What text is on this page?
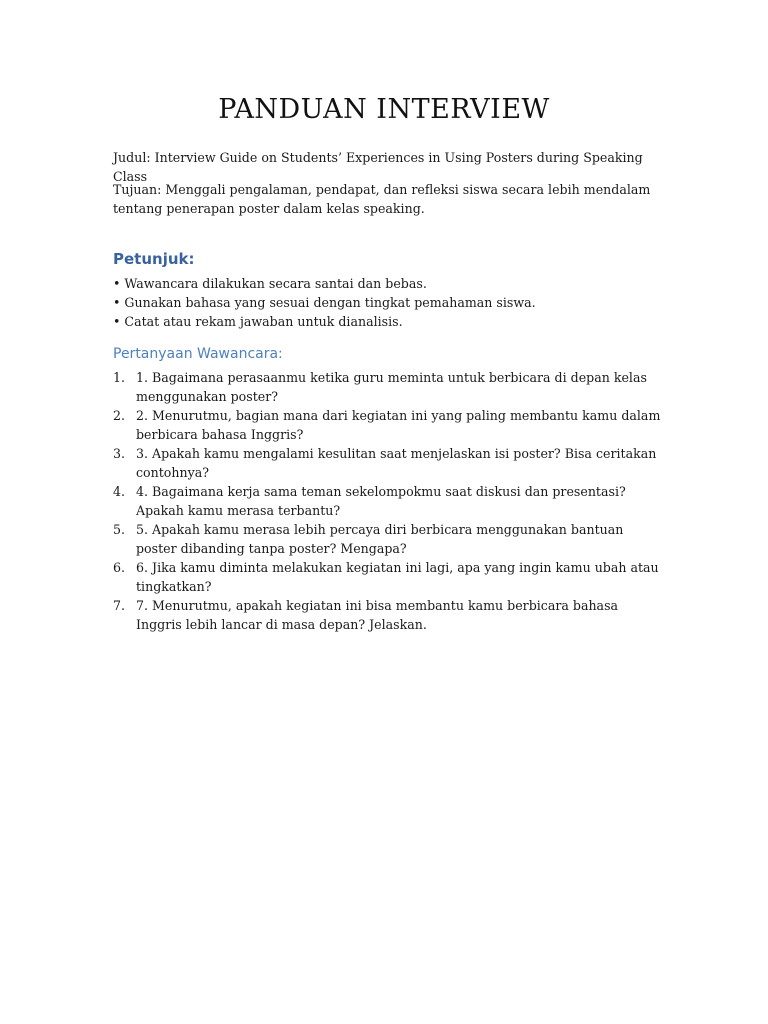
PANDUAN INTERVIEW

Judul: Interview Guide on Students’ Experiences in Using Posters during Speaking Class

Tujuan: Menggali pengalaman, pendapat, dan refleksi siswa secara lebih mendalam tentang penerapan poster dalam kelas speaking.

Petunjuk:
• Wawancara dilakukan secara santai dan bebas.
• Gunakan bahasa yang sesuai dengan tingkat pemahaman siswa.
• Catat atau rekam jawaban untuk dianalisis.
Pertanyaan Wawancara:
1. 1. Bagaimana perasaanmu ketika guru meminta untuk berbicara di depan kelas menggunakan poster?
2. 2. Menurutmu, bagian mana dari kegiatan ini yang paling membantu kamu dalam berbicara bahasa Inggris?
3. 3. Apakah kamu mengalami kesulitan saat menjelaskan isi poster? Bisa ceritakan contohnya?
4. 4. Bagaimana kerja sama teman sekelompokmu saat diskusi dan presentasi? Apakah kamu merasa terbantu?
5. 5. Apakah kamu merasa lebih percaya diri berbicara menggunakan bantuan poster dibanding tanpa poster? Mengapa?
6. 6. Jika kamu diminta melakukan kegiatan ini lagi, apa yang ingin kamu ubah atau tingkatkan?
7. 7. Menurutmu, apakah kegiatan ini bisa membantu kamu berbicara bahasa Inggris lebih lancar di masa depan? Jelaskan.
